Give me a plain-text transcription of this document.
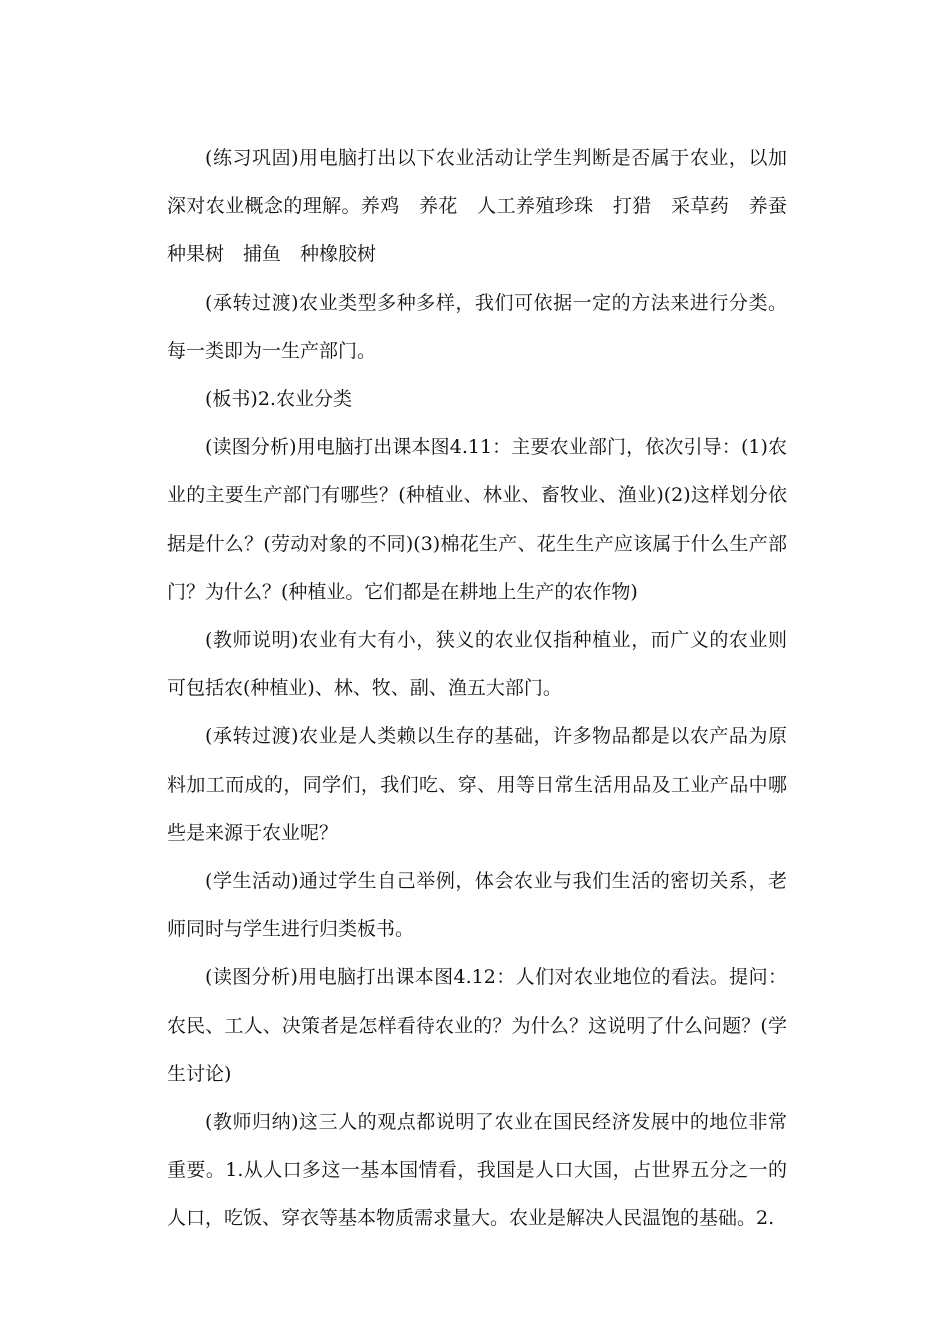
(练习巩固)用电脑打出以下农业活动让学生判断是否属于农业，以加深对农业概念的理解。养鸡　养花　人工养殖珍珠　打猎　采草药　养蚕　种果树　捕鱼　种橡胶树

(承转过渡)农业类型多种多样，我们可依据一定的方法来进行分类。每一类即为一生产部门。

(板书)2.农业分类

(读图分析)用电脑打出课本图4.11：主要农业部门，依次引导：(1)农业的主要生产部门有哪些？(种植业、林业、畜牧业、渔业)(2)这样划分依据是什么？(劳动对象的不同)(3)棉花生产、花生生产应该属于什么生产部门？为什么？(种植业。它们都是在耕地上生产的农作物)

(教师说明)农业有大有小，狭义的农业仅指种植业，而广义的农业则可包括农(种植业)、林、牧、副、渔五大部门。

(承转过渡)农业是人类赖以生存的基础，许多物品都是以农产品为原料加工而成的，同学们，我们吃、穿、用等日常生活用品及工业产品中哪些是来源于农业呢？

(学生活动)通过学生自己举例，体会农业与我们生活的密切关系，老师同时与学生进行归类板书。

(读图分析)用电脑打出课本图4.12：人们对农业地位的看法。提问：农民、工人、决策者是怎样看待农业的？为什么？这说明了什么问题？(学生讨论)

(教师归纳)这三人的观点都说明了农业在国民经济发展中的地位非常重要。1.从人口多这一基本国情看，我国是人口大国，占世界五分之一的人口，吃饭、穿衣等基本物质需求量大。农业是解决人民温饱的基础。2.
